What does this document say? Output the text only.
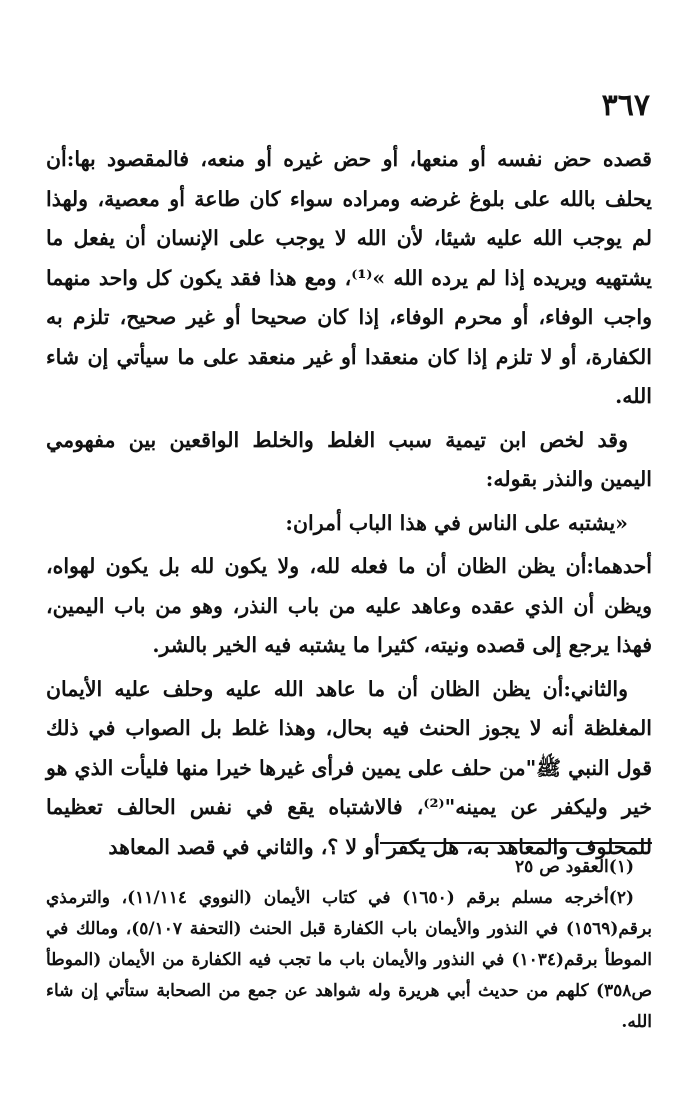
٣٦٧

قصده حض نفسه أو منعها، أو حض غيره أو منعه، فالمقصود بها:أن يحلف بالله على بلوغ غرضه ومراده سواء كان طاعة أو معصية، ولهذا لم يوجب الله عليه شيئا، لأن الله لا يوجب على الإنسان أن يفعل ما يشتهيه ويريده إذا لم يرده الله »⁽¹⁾، ومع هذا فقد يكون كل واحد منهما واجب الوفاء، أو محرم الوفاء، إذا كان صحيحا أو غير صحيح، تلزم به الكفارة، أو لا تلزم إذا كان منعقدا أو غير منعقد على ما سيأتي إن شاء الله.

وقد لخص ابن تيمية سبب الغلط والخلط الواقعين بين مفهومي اليمين والنذر بقوله:

«يشتبه على الناس في هذا الباب أمران:

أحدهما:أن يظن الظان أن ما فعله لله، ولا يكون لله بل يكون لهواه، ويظن أن الذي عقده وعاهد عليه من باب النذر، وهو من باب اليمين، فهذا يرجع إلى قصده ونيته، كثيرا ما يشتبه فيه الخير بالشر.

والثاني:أن يظن الظان أن ما عاهد الله عليه وحلف عليه الأيمان المغلظة أنه لا يجوز الحنث فيه بحال، وهذا غلط بل الصواب في ذلك قول النبي ﷺ"من حلف على يمين فرأى غيرها خيرا منها فليأت الذي هو خير وليكفر عن يمينه"⁽²⁾، فالاشتباه يقع في نفس الحالف تعظيما للمحلوف والمعاهد به، هل يكفر أو لا ؟، والثاني في قصد المعاهد

(١)العقود ص ٢٥

(٢)أخرجه مسلم برقم (١٦٥٠) في كتاب الأيمان (النووي ١١/١١٤)، والترمذي برقم(١٥٦٩) في النذور والأيمان باب الكفارة قبل الحنث (التحفة ٥/١٠٧)، ومالك في الموطأ برقم(١٠٣٤) في النذور والأيمان باب ما تجب فيه الكفارة من الأيمان (الموطأ ص٣٥٨) كلهم من حديث أبي هريرة وله شواهد عن جمع من الصحابة ستأتي إن شاء الله.
